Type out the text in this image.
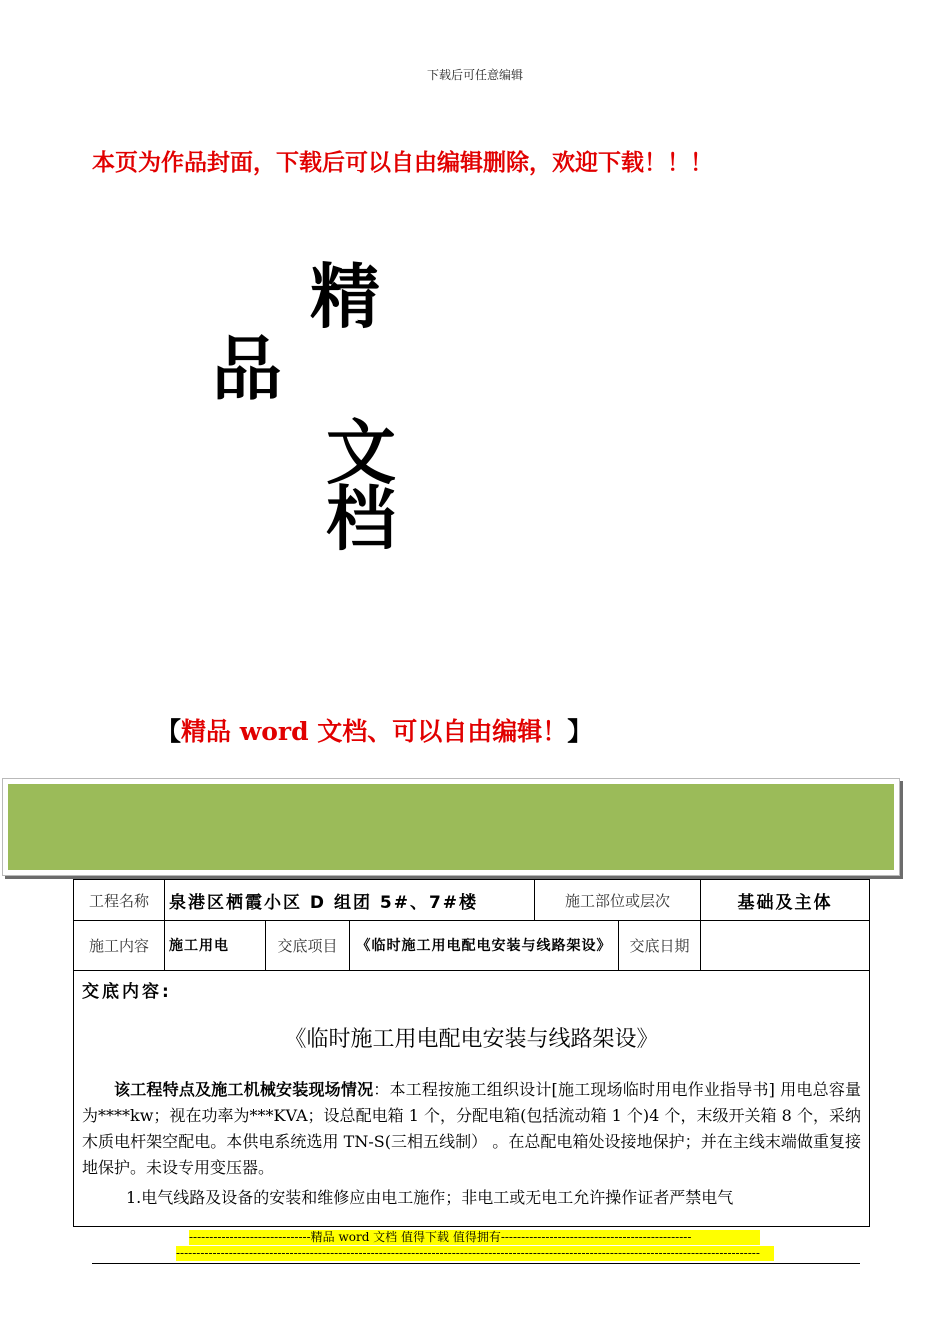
下载后可任意编辑
本页为作品封面，下载后可以自由编辑删除，欢迎下载！！！
精
品
文
档
【精品 word 文档、可以自由编辑！】
工程名称	泉港区栖霞小区 D 组团 5#、7#楼			施工部位或层次		基础及主体
施工内容	施工用电	交底项目	《临时施工用电配电安装与线路架设》		交底日期	

交底内容:
《临时施工用电配电安装与线路架设》

该工程特点及施工机械安装现场情况：本工程按施工组织设计[施工现场临时用电作业指导书] 用电总容量为****kw；视在功率为***KVA；设总配电箱 1 个，分配电箱(包括流动箱 1 个)4 个，末级开关箱 8 个，采纳木质电杆架空配电。本供电系统选用 TN-S(三相五线制） 。在总配电箱处设接地保护；并在主线末端做重复接地保护。未设专用变压器。

1.电气线路及设备的安装和维修应由电工施作；非电工或无电工允许操作证者严禁电气						

------------------------------精品 word 文档 值得下载 值得拥有-----------------------------------------------
------------------------------------------------------------------------------------------------------------------------------------------------
